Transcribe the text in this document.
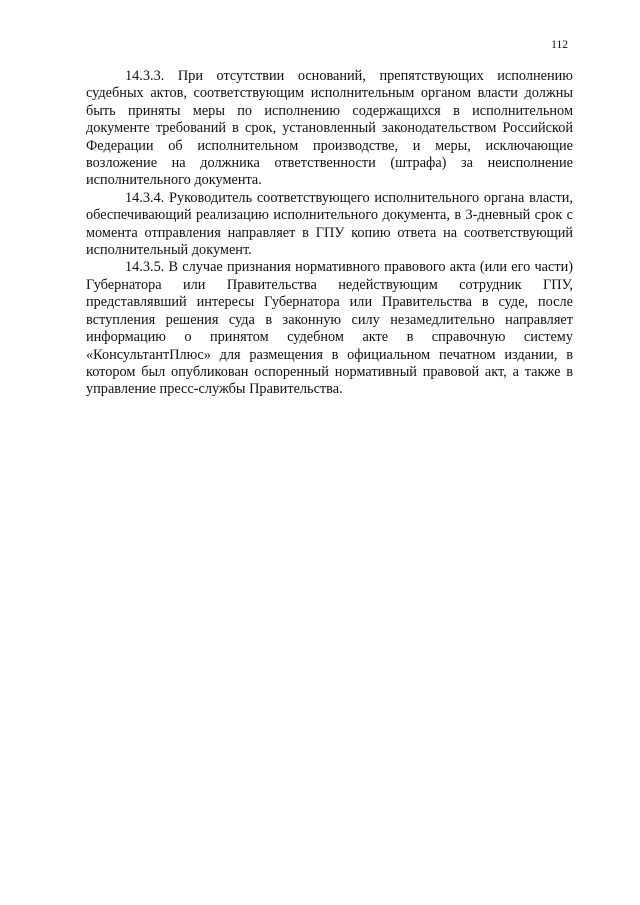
112

14.3.3. При отсутствии оснований, препятствующих исполнению судебных актов, соответствующим исполнительным органом власти должны быть приняты меры по исполнению содержащихся в исполнительном документе требований в срок, установленный законодательством Российской Федерации об исполнительном производстве, и меры, исключающие возложение на должника ответственности (штрафа) за неисполнение исполнительного документа.

14.3.4. Руководитель соответствующего исполнительного органа власти, обеспечивающий реализацию исполнительного документа, в 3-дневный срок с момента отправления направляет в ГПУ копию ответа на соответствующий исполнительный документ.

14.3.5. В случае признания нормативного правового акта (или его части) Губернатора или Правительства недействующим сотрудник ГПУ, представлявший интересы Губернатора или Правительства в суде, после вступления решения суда в законную силу незамедлительно направляет информацию о принятом судебном акте в справочную систему «КонсультантПлюс» для размещения в официальном печатном издании, в котором был опубликован оспоренный нормативный правовой акт, а также в управление пресс-службы Правительства.
